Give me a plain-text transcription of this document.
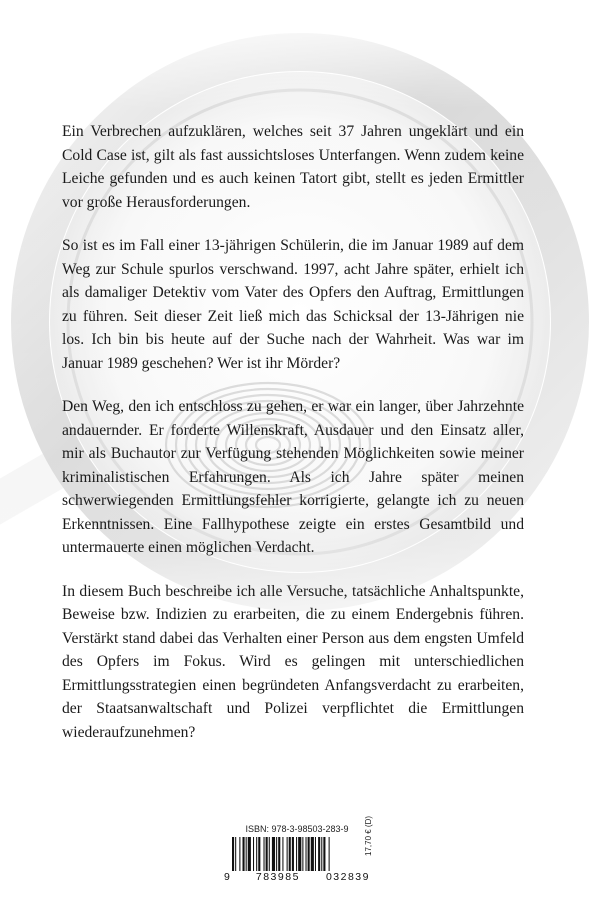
Ein Verbrechen aufzuklären, welches seit 37 Jahren ungeklärt und ein Cold Case ist, gilt als fast aussichtsloses Unterfangen. Wenn zudem keine Leiche gefunden und es auch keinen Tatort gibt, stellt es jeden Ermittler vor große Herausforderungen.

So ist es im Fall einer 13-jährigen Schülerin, die im Januar 1989 auf dem Weg zur Schule spurlos verschwand. 1997, acht Jahre später, erhielt ich als damaliger Detektiv vom Vater des Opfers den Auftrag, Ermittlungen zu führen. Seit dieser Zeit ließ mich das Schicksal der 13-Jährigen nie los. Ich bin bis heute auf der Suche nach der Wahrheit. Was war im Januar 1989 geschehen? Wer ist ihr Mörder?

Den Weg, den ich entschloss zu gehen, er war ein langer, über Jahrzehnte andauernder. Er forderte Willenskraft, Ausdauer und den Einsatz aller, mir als Buchautor zur Verfügung stehenden Möglichkeiten sowie meiner kriminalistischen Erfahrungen. Als ich Jahre später meinen schwerwiegenden Ermittlungsfehler korrigierte, gelangte ich zu neuen Erkenntnissen. Eine Fallhypothese zeigte ein erstes Gesamtbild und untermauerte einen möglichen Verdacht.

In diesem Buch beschreibe ich alle Versuche, tatsächliche Anhaltspunkte, Beweise bzw. Indizien zu erarbeiten, die zu einem Endergebnis führen. Verstärkt stand dabei das Verhalten einer Person aus dem engsten Umfeld des Opfers im Fokus. Wird es gelingen mit unterschiedlichen Ermittlungsstrategien einen begründeten Anfangsverdacht zu erarbeiten, der Staatsanwaltschaft und Polizei verpflichtet die Ermittlungen wiederaufzunehmen?

ISBN: 978-3-98503-283-9
9 783985 032839
17,70 € (D)
